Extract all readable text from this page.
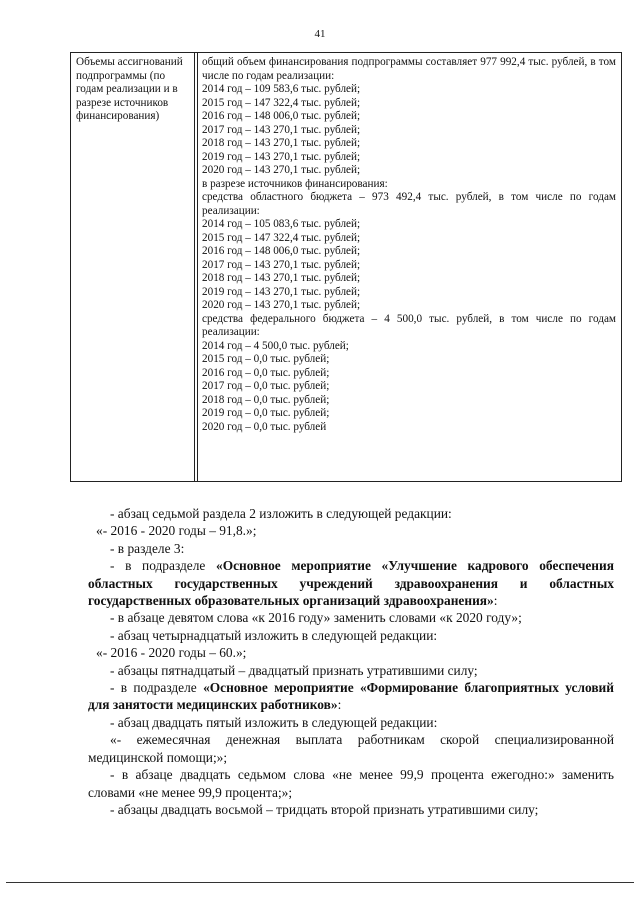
41
Объемы ассигнований подпрограммы (по годам реализации и в разрезе источников финансирования)
общий объем финансирования подпрограммы составляет 977 992,4 тыс. рублей, в том числе по годам реализации:
2014 год – 109 583,6 тыс. рублей;
2015 год – 147 322,4 тыс. рублей;
2016 год – 148 006,0 тыс. рублей;
2017 год – 143 270,1 тыс. рублей;
2018 год – 143 270,1 тыс. рублей;
2019 год – 143 270,1 тыс. рублей;
2020 год – 143 270,1 тыс. рублей;
в разрезе источников финансирования:
средства областного бюджета – 973 492,4 тыс. рублей, в том числе по годам реализации:
2014 год – 105 083,6 тыс. рублей;
2015 год – 147 322,4 тыс. рублей;
2016 год – 148 006,0 тыс. рублей;
2017 год – 143 270,1 тыс. рублей;
2018 год – 143 270,1 тыс. рублей;
2019 год – 143 270,1 тыс. рублей;
2020 год – 143 270,1 тыс. рублей;
средства федерального бюджета – 4 500,0 тыс. рублей, в том числе по годам реализации:
2014 год – 4 500,0 тыс. рублей;
2015 год – 0,0 тыс. рублей;
2016 год – 0,0 тыс. рублей;
2017 год – 0,0 тыс. рублей;
2018 год – 0,0 тыс. рублей;
2019 год – 0,0 тыс. рублей;
2020 год – 0,0 тыс. рублей

- абзац седьмой раздела 2 изложить в следующей редакции:

«- 2016 - 2020 годы – 91,8.»;

- в разделе 3:

- в подразделе «Основное мероприятие «Улучшение кадрового обеспечения областных государственных учреждений здравоохранения и областных государственных образовательных организаций здравоохранения»:

- в абзаце девятом слова «к 2016 году» заменить словами «к 2020 году»;

- абзац четырнадцатый изложить в следующей редакции:

«- 2016 - 2020 годы – 60.»;

- абзацы пятнадцатый – двадцатый признать утратившими силу;

- в подразделе «Основное мероприятие «Формирование благоприятных условий для занятости медицинских работников»:

- абзац двадцать пятый изложить в следующей редакции:

«- ежемесячная денежная выплата работникам скорой специализированной медицинской помощи;»;

- в абзаце двадцать седьмом слова «не менее 99,9 процента ежегодно:» заменить словами «не менее 99,9 процента;»;

- абзацы двадцать восьмой – тридцать второй признать утратившими силу;
